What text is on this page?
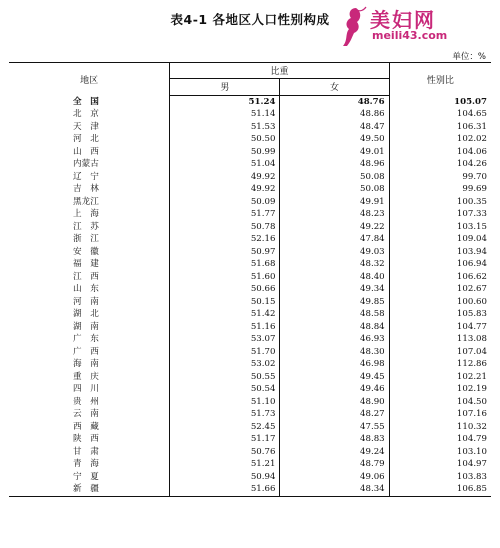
表4-1 各地区人口性别构成	美妇网
meili43.com
单位：%
地区	比重		性别比
	男	女	
全　国	51.24	48.76	105.07
北　京	51.14	48.86	104.65
天　津	51.53	48.47	106.31
河　北	50.50	49.50	102.02
山　西	50.99	49.01	104.06
内蒙古	51.04	48.96	104.26
辽　宁	49.92	50.08	99.70
吉　林	49.92	50.08	99.69
黑龙江	50.09	49.91	100.35
上　海	51.77	48.23	107.33
江　苏	50.78	49.22	103.15
浙　江	52.16	47.84	109.04
安　徽	50.97	49.03	103.94
福　建	51.68	48.32	106.94
江　西	51.60	48.40	106.62
山　东	50.66	49.34	102.67
河　南	50.15	49.85	100.60
湖　北	51.42	48.58	105.83
湖　南	51.16	48.84	104.77
广　东	53.07	46.93	113.08
广　西	51.70	48.30	107.04
海　南	53.02	46.98	112.86
重　庆	50.55	49.45	102.21
四　川	50.54	49.46	102.19
贵　州	51.10	48.90	104.50
云　南	51.73	48.27	107.16
西　藏	52.45	47.55	110.32
陕　西	51.17	48.83	104.79
甘　肃	50.76	49.24	103.10
青　海	51.21	48.79	104.97
宁　夏	50.94	49.06	103.83
新　疆	51.66	48.34	106.85
